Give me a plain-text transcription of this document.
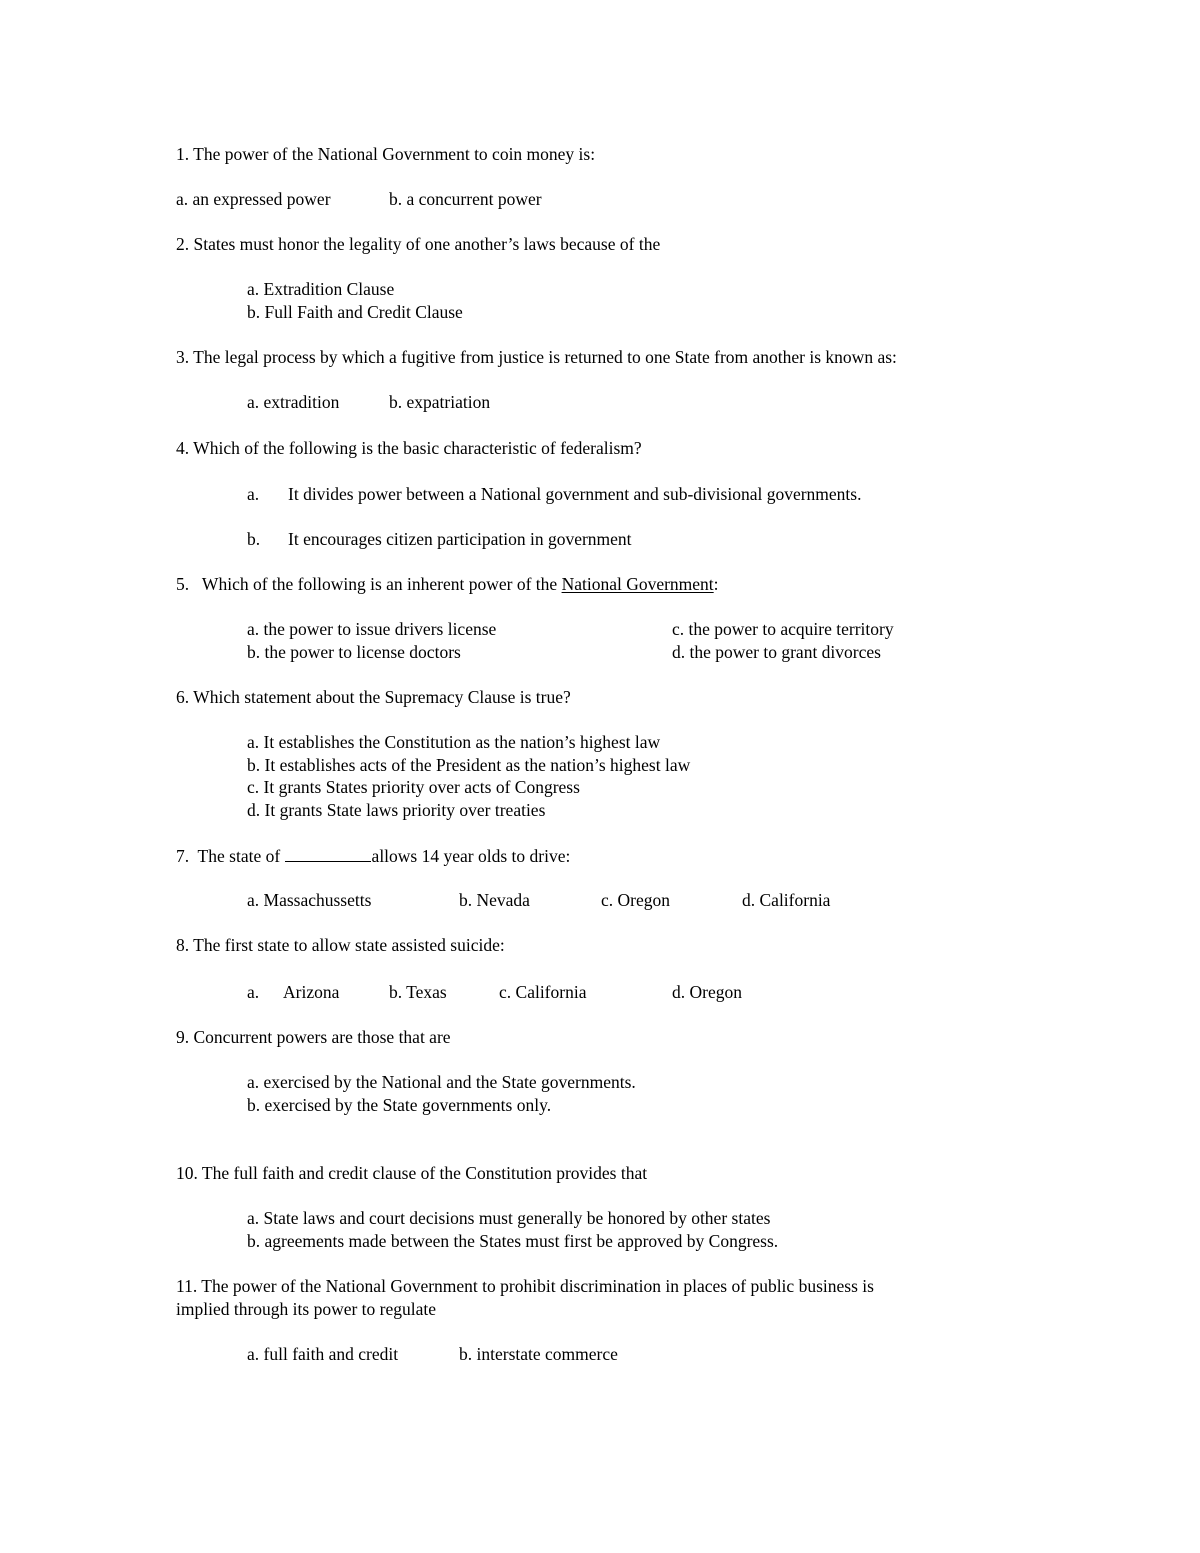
1. The power of the National Government to coin money is:
a. an expressed power	b. a concurrent power
2. States must honor the legality of one another’s laws because of the
a. Extradition Clause
b. Full Faith and Credit Clause
3. The legal process by which a fugitive from justice is returned to one State from another is known as:
a. extradition	b. expatriation
4. Which of the following is the basic characteristic of federalism?
a. It divides power between a National government and sub-divisional governments.
b. It encourages citizen participation in government
5.   Which of the following is an inherent power of the National Government:
a. the power to issue drivers license	c. the power to acquire territory
b. the power to license doctors	d. the power to grant divorces
6. Which statement about the Supremacy Clause is true?
a. It establishes the Constitution as the nation’s highest law
b. It establishes acts of the President as the nation’s highest law
c. It grants States priority over acts of Congress
d. It grants State laws priority over treaties
7.  The state of	allows 14 year olds to drive:
a. Massachussetts	b. Nevada	c. Oregon	d. California
8. The first state to allow state assisted suicide:
a. Arizona	b. Texas	c. California	d. Oregon
9. Concurrent powers are those that are
a. exercised by the National and the State governments.
b. exercised by the State governments only.
10. The full faith and credit clause of the Constitution provides that
a. State laws and court decisions must generally be honored by other states
b. agreements made between the States must first be approved by Congress.
11. The power of the National Government to prohibit discrimination in places of public business is
implied through its power to regulate
a. full faith and credit	b. interstate commerce
